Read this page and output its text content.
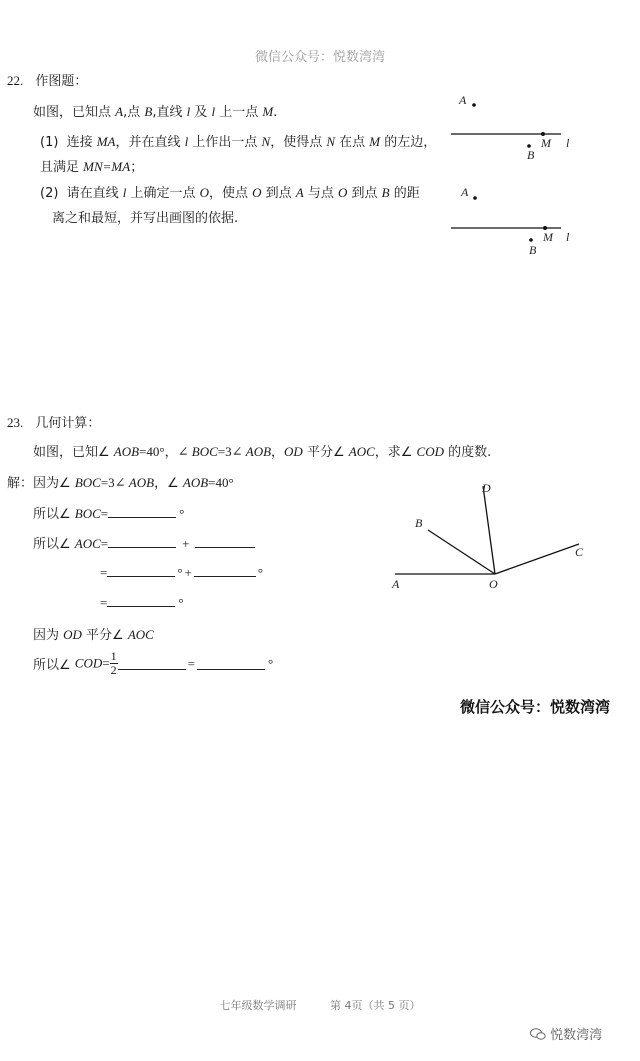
微信公众号：悦数湾湾
22. 作图题：
如图，已知点 A,点 B,直线 l 及 l 上一点 M.
(1) 连接 MA，并在直线 l 上作出一点 N，使得点 N 在点 M 的左边，
且满足 MN=MA；
(2) 请在直线 l 上确定一点 O，使点 O 到点 A 与点 O 到点 B 的距
离之和最短，并写出画图的依据.
A
M l
B
A
M l
B
23. 几何计算：
如图，已知∠ AOB=40°，∠ BOC=3∠ AOB，OD 平分∠ AOC，求∠ COD 的度数.
解：因为∠ BOC=3∠ AOB，∠ AOB=40°
所以∠ BOC=	°
所以∠ AOC=	+
=	° +	°
=	°
因为 OD 平分∠ AOC
所以∠ $COD= \frac{1}{2}$	=	°
A	O
B
D
C
微信公众号：悦数湾湾
七年级数学调研	第 4页（共 5 页）
悦数湾湾
